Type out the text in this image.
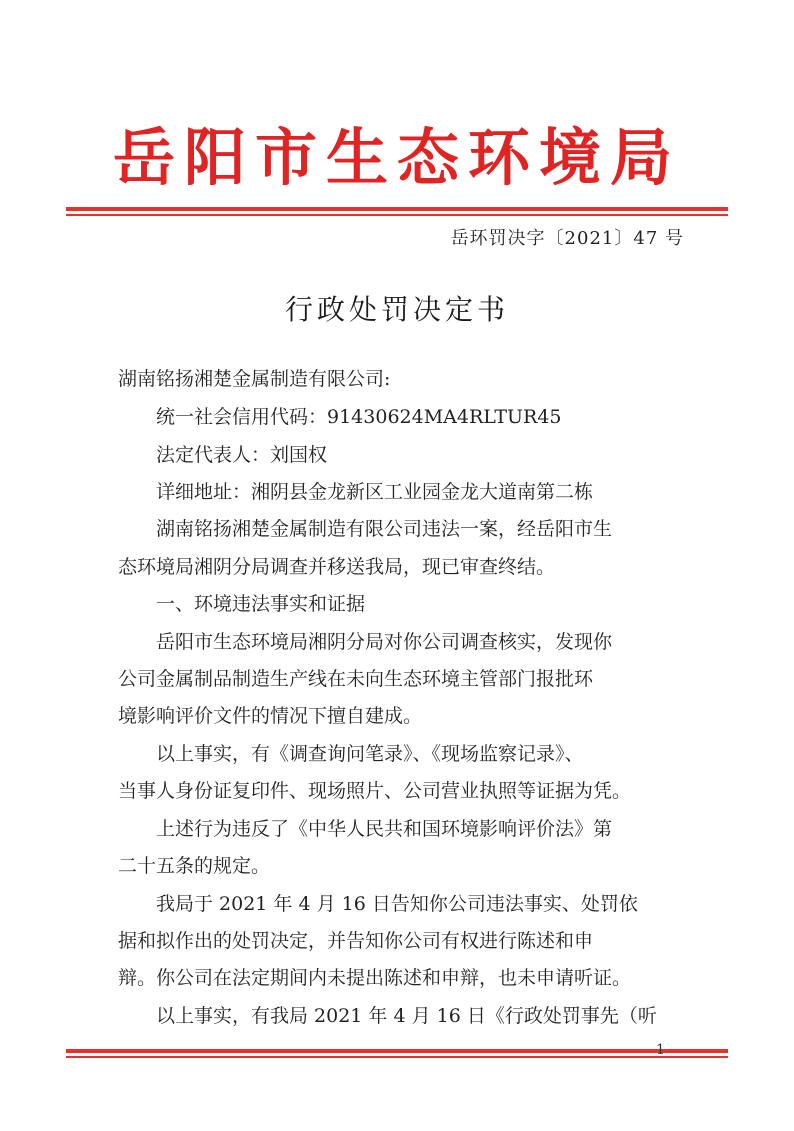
岳阳市生态环境局
岳环罚决字〔2021〕47 号
行政处罚决定书
湖南铭扬湘楚金属制造有限公司:
统一社会信用代码：91430624MA4RLTUR45
法定代表人：刘国权
详细地址：湘阴县金龙新区工业园金龙大道南第二栋
湖南铭扬湘楚金属制造有限公司违法一案，经岳阳市生
态环境局湘阴分局调查并移送我局，现已审查终结。
一、环境违法事实和证据
岳阳市生态环境局湘阴分局对你公司调查核实，发现你
公司金属制品制造生产线在未向生态环境主管部门报批环
境影响评价文件的情况下擅自建成。
以上事实，有《调查询问笔录》、《现场监察记录》、
当事人身份证复印件、现场照片、公司营业执照等证据为凭。
上述行为违反了《中华人民共和国环境影响评价法》第
二十五条的规定。
我局于 2021 年 4 月 16 日告知你公司违法事实、处罚依
据和拟作出的处罚决定，并告知你公司有权进行陈述和申
辩。你公司在法定期间内未提出陈述和申辩，也未申请听证。
以上事实，有我局 2021 年 4 月 16 日《行政处罚事先（听
1
